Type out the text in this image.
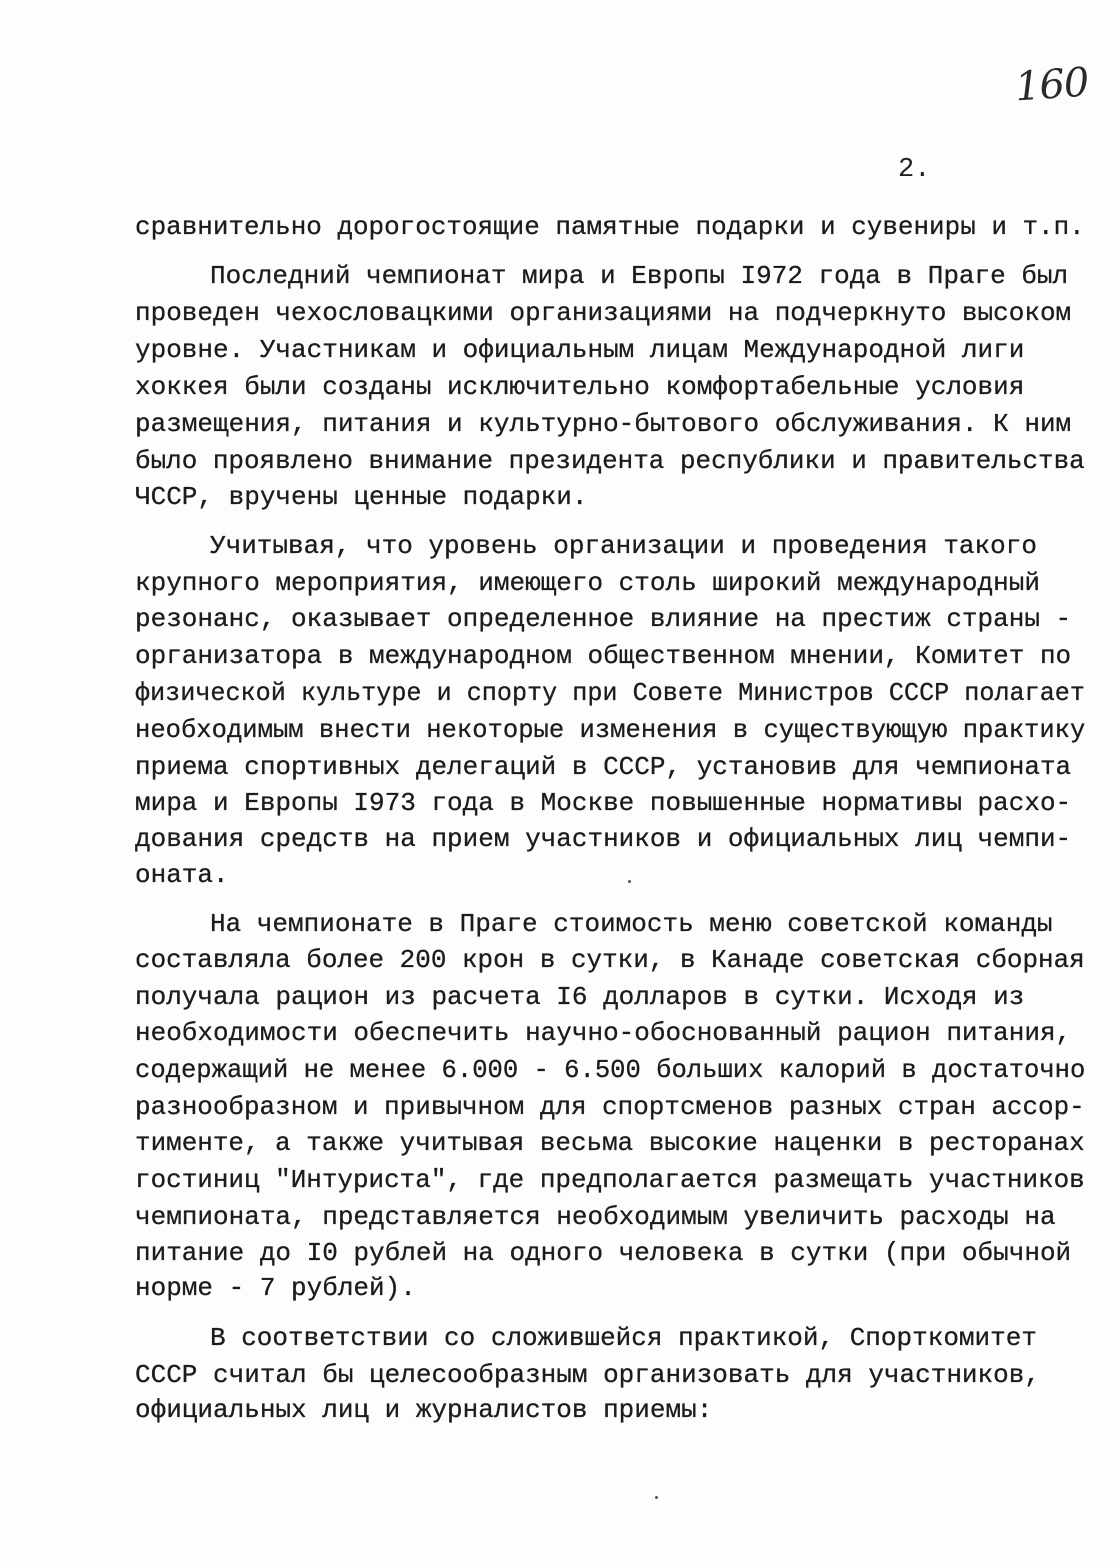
160
2.
сравнительно дорогостоящие памятные подарки и сувениры и т.п.
Последний чемпионат мира и Европы I972 года в Праге был
проведен чехословацкими организациями на подчеркнуто высоком
уровне. Участникам и официальным лицам Международной лиги
хоккея были созданы исключительно комфортабельные условия
размещения, питания и культурно-бытового обслуживания. К ним
было проявлено внимание президента республики и правительства
ЧССР, вручены ценные подарки.
Учитывая, что уровень организации и проведения такого
крупного мероприятия, имеющего столь широкий международный
резонанс, оказывает определенное влияние на престиж страны -
организатора в международном общественном мнении, Комитет по
физической культуре и спорту при Совете Министров СССР полагает
необходимым внести некоторые изменения в существующую практику
приема спортивных делегаций в СССР, установив для чемпионата
мира и Европы I973 года в Москве повышенные нормативы расхо-
дования средств на прием участников и официальных лиц чемпи-
оната.
На чемпионате в Праге стоимость меню советской команды
составляла более 200 крон в сутки, в Канаде советская сборная
получала рацион из расчета I6 долларов в сутки. Исходя из
необходимости обеспечить научно-обоснованный рацион питания,
содержащий не менее 6.000 - 6.500 больших калорий в достаточно
разнообразном и привычном для спортсменов разных стран ассор-
тименте, а также учитывая весьма высокие наценки в ресторанах
гостиниц "Интуриста", где предполагается размещать участников
чемпионата, представляется необходимым увеличить расходы на
питание до I0 рублей на одного человека в сутки (при обычной
норме - 7 рублей).
В соответствии со сложившейся практикой, Спорткомитет
СССР считал бы целесообразным организовать для участников,
официальных лиц и журналистов приемы:
